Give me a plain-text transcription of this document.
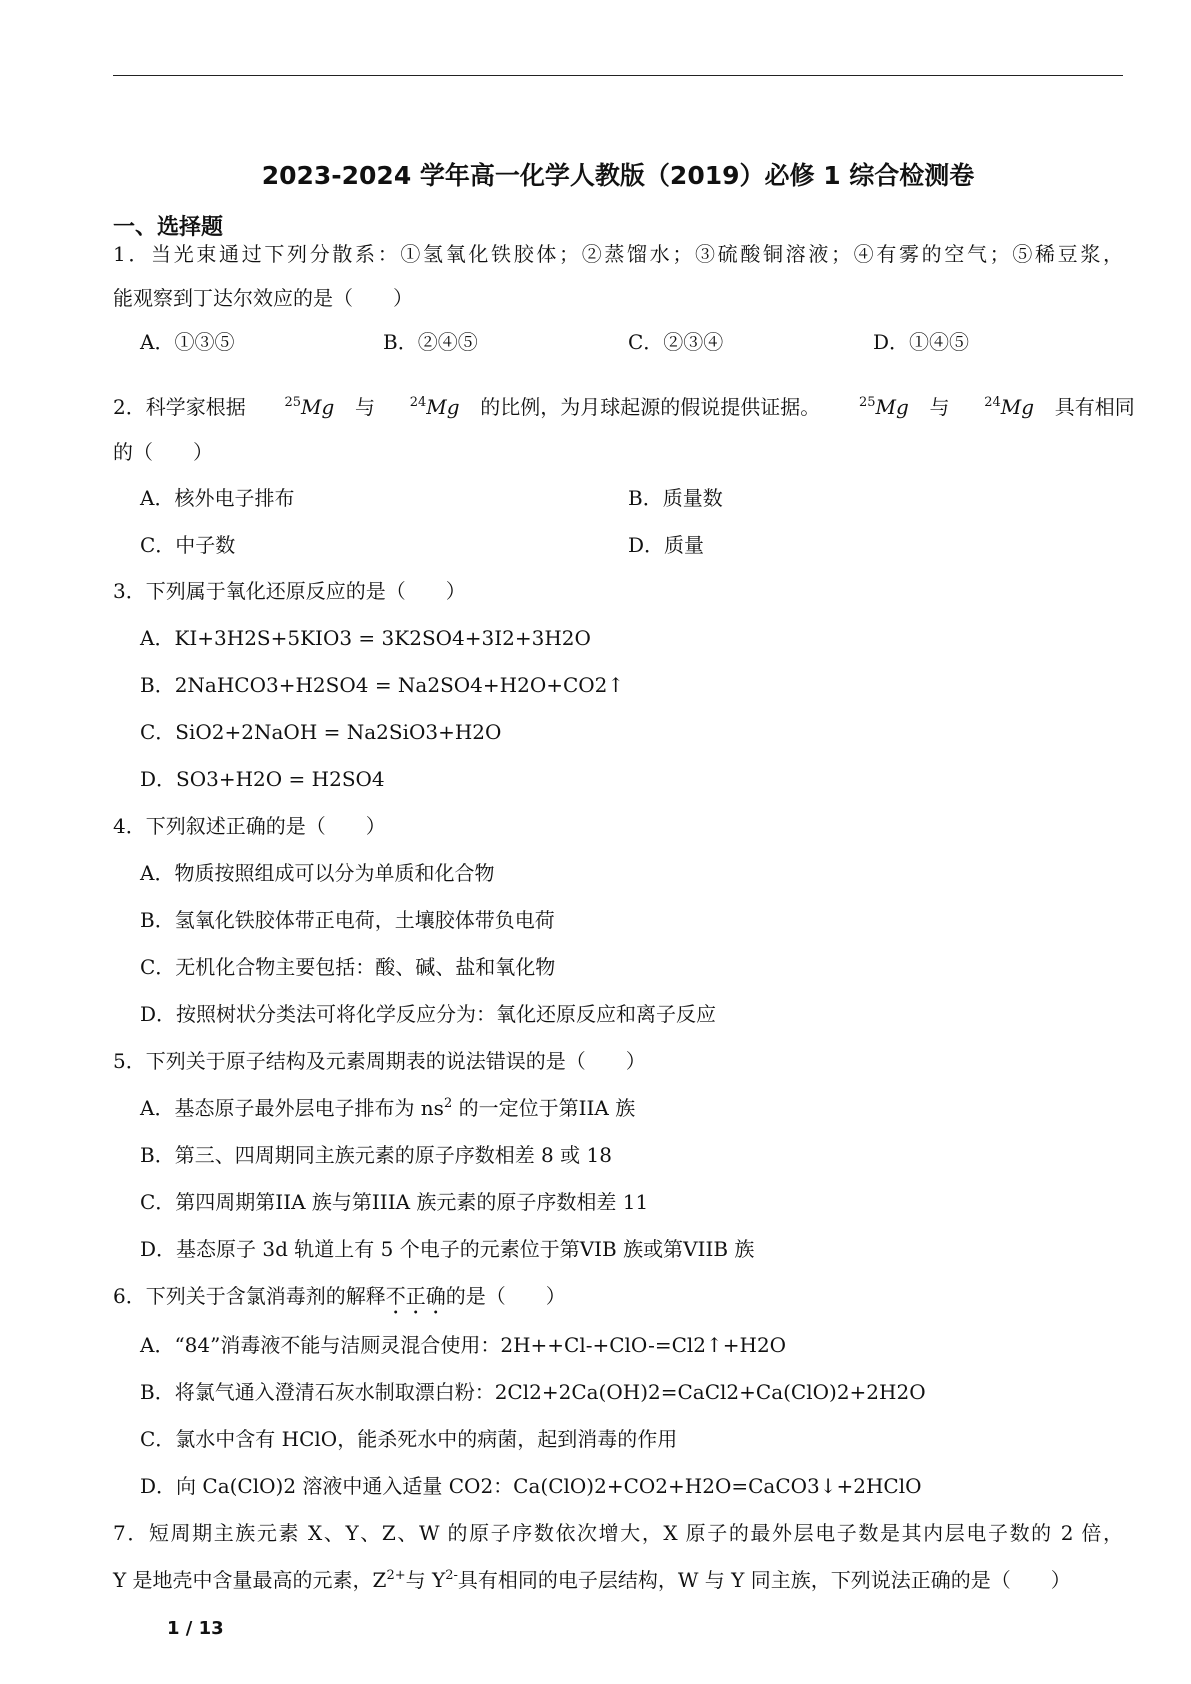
2023-2024 学年高一化学人教版（2019）必修 1 综合检测卷
一、选择题
1．当光束通过下列分散系：①氢氧化铁胶体；②蒸馏水；③硫酸铜溶液；④有雾的空气；⑤稀豆浆，
能观察到丁达尔效应的是（　　）
A．①③⑤	B．②④⑤	C．②③④	D．①④⑤
2．科学家根据	$^{25}$Mg 与	$^{24}$Mg 的比例，为月球起源的假说提供证据。	$^{25}$Mg 与	$^{24}$Mg 具有相同
的（　　）
A．核外电子排布	B．质量数
C．中子数	D．质量
3．下列属于氧化还原反应的是（　　）
A．KI+3H2S+5KIO3 = 3K2SO4+3I2+3H2O
B．2NaHCO3+H2SO4 = Na2SO4+H2O+CO2↑
C．SiO2+2NaOH = Na2SiO3+H2O
D．SO3+H2O = H2SO4
4．下列叙述正确的是（　　）
A．物质按照组成可以分为单质和化合物
B．氢氧化铁胶体带正电荷，土壤胶体带负电荷
C．无机化合物主要包括：酸、碱、盐和氧化物
D．按照树状分类法可将化学反应分为：氧化还原反应和离子反应
5．下列关于原子结构及元素周期表的说法错误的是（　　）
A．基态原子最外层电子排布为 $ns^2$ 的一定位于第IIA 族
B．第三、四周期同主族元素的原子序数相差 8 或 18
C．第四周期第IIA 族与第IIIA 族元素的原子序数相差 11
D．基态原子 3d 轨道上有 5 个电子的元素位于第VIB 族或第VIIB 族
6．下列关于含氯消毒剂的解释不正确的是（　　）
A．“84”消毒液不能与洁厕灵混合使用：2H++Cl-+ClO-=Cl2↑+H2O
B．将氯气通入澄清石灰水制取漂白粉：2Cl2+2Ca(OH)2=CaCl2+Ca(ClO)2+2H2O
C．氯水中含有 HClO，能杀死水中的病菌，起到消毒的作用
D．向 Ca(ClO)2 溶液中通入适量 CO2：Ca(ClO)2+CO2+H2O=CaCO3↓+2HClO
7．短周期主族元素 X、Y、Z、W 的原子序数依次增大，X 原子的最外层电子数是其内层电子数的 2 倍，
Y 是地壳中含量最高的元素，$Z^{2+}$与 $Y^{2-}$具有相同的电子层结构，W 与 Y 同主族，下列说法正确的是（　　）
1 / 13
